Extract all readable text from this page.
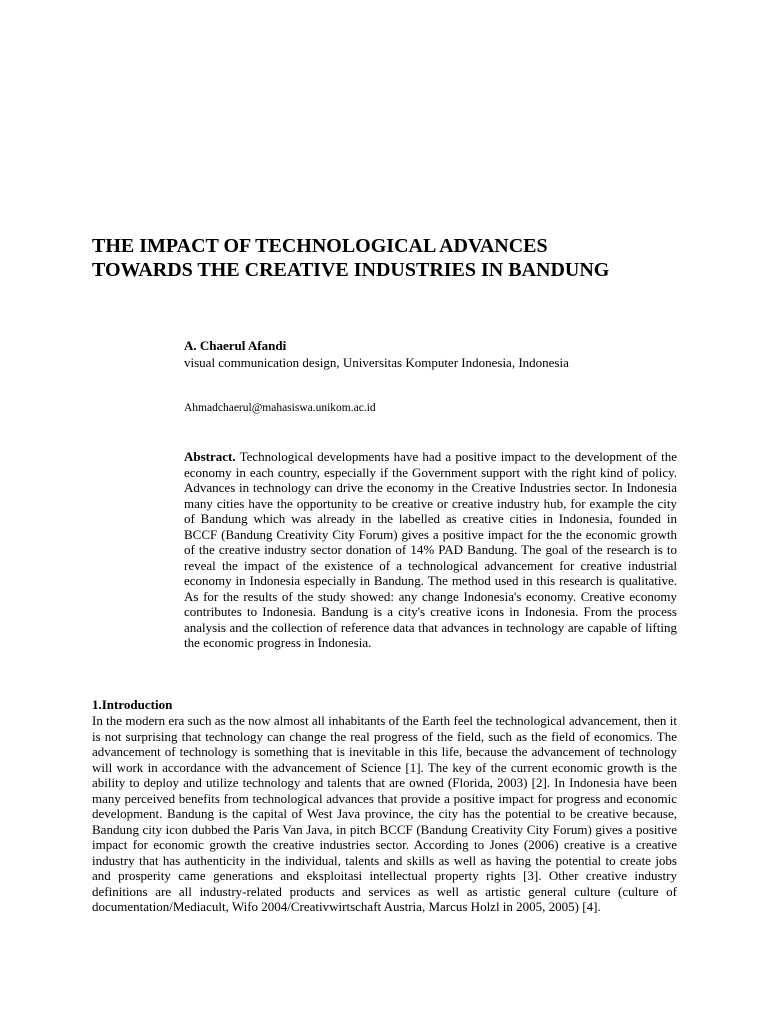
THE IMPACT OF TECHNOLOGICAL ADVANCES
TOWARDS THE CREATIVE INDUSTRIES IN BANDUNG
A. Chaerul Afandi
visual communication design, Universitas Komputer Indonesia, Indonesia
Ahmadchaerul@mahasiswa.unikom.ac.id

Abstract. Technological developments have had a positive impact to the development of the economy in each country, especially if the Government support with the right kind of policy. Advances in technology can drive the economy in the Creative Industries sector. In Indonesia many cities have the opportunity to be creative or creative industry hub, for example the city of Bandung which was already in the labelled as creative cities in Indonesia, founded in BCCF (Bandung Creativity City Forum) gives a positive impact for the the economic growth of the creative industry sector donation of 14% PAD Bandung. The goal of the research is to reveal the impact of the existence of a technological advancement for creative industrial economy in Indonesia especially in Bandung. The method used in this research is qualitative. As for the results of the study showed: any change Indonesia's economy. Creative economy contributes to Indonesia. Bandung is a city's creative icons in Indonesia. From the process analysis and the collection of reference data that advances in technology are capable of lifting the economic progress in Indonesia.

1.Introduction

In the modern era such as the now almost all inhabitants of the Earth feel the technological advancement, then it is not surprising that technology can change the real progress of the field, such as the field of economics. The advancement of technology is something that is inevitable in this life, because the advancement of technology will work in accordance with the advancement of Science [1]. The key of the current economic growth is the ability to deploy and utilize technology and talents that are owned (Florida, 2003) [2]. In Indonesia have been many perceived benefits from technological advances that provide a positive impact for progress and economic development. Bandung is the capital of West Java province, the city has the potential to be creative because, Bandung city icon dubbed the Paris Van Java, in pitch BCCF (Bandung Creativity City Forum) gives a positive impact for economic growth the creative industries sector. According to Jones (2006) creative is a creative industry that has authenticity in the individual, talents and skills as well as having the potential to create jobs and prosperity came generations and eksploitasi intellectual property rights [3]. Other creative industry definitions are all industry-related products and services as well as artistic general culture (culture of documentation/Mediacult, Wifo 2004/Creativwirtschaft Austria, Marcus Holzl in 2005, 2005) [4].
